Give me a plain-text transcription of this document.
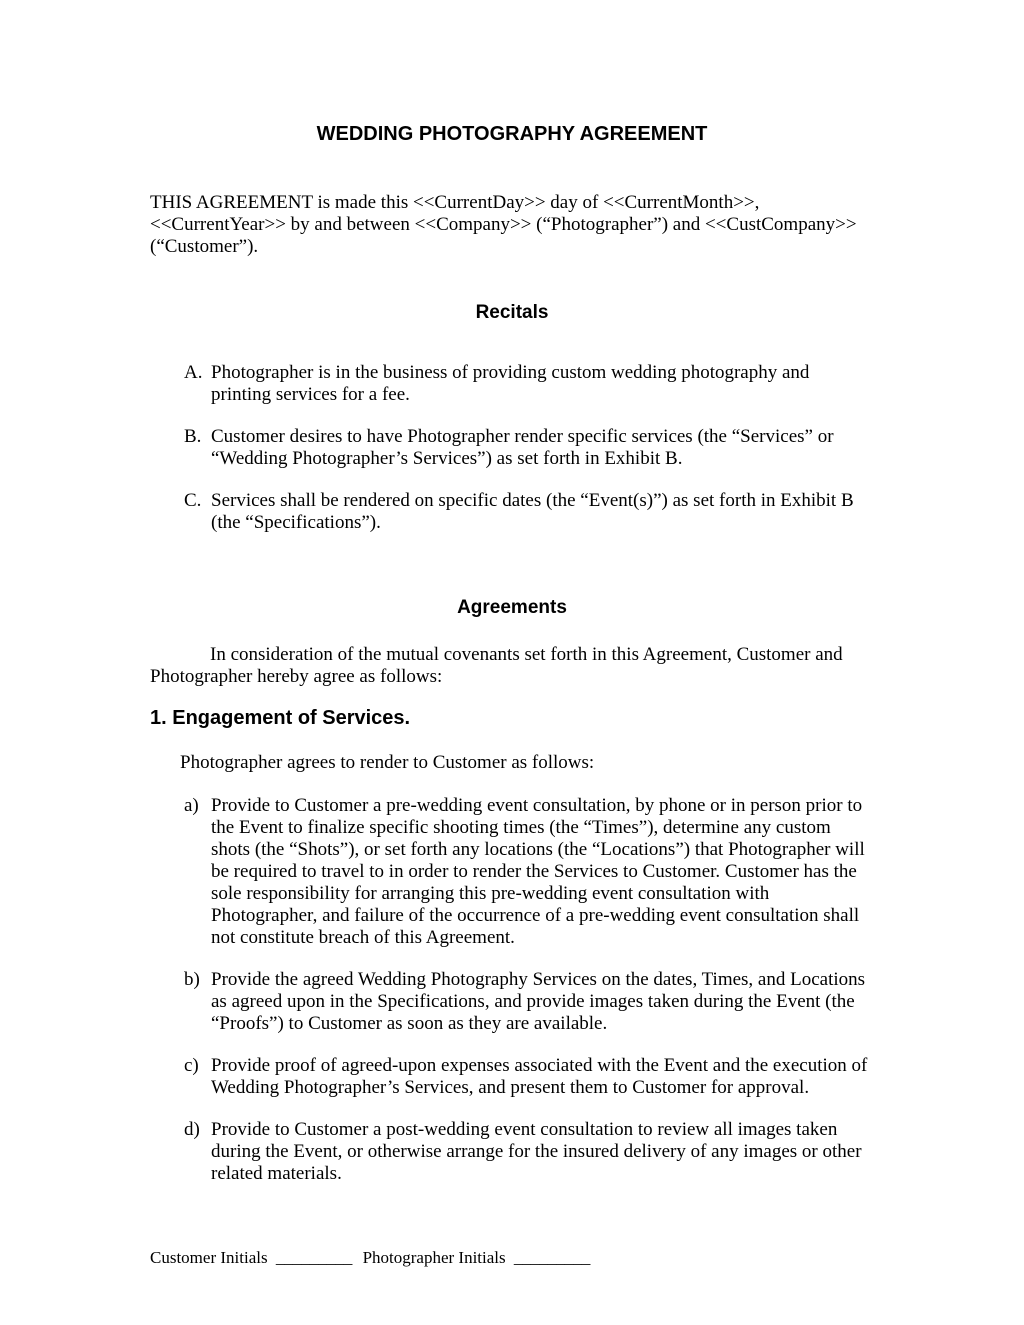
WEDDING PHOTOGRAPHY AGREEMENT

THIS AGREEMENT is made this <<CurrentDay>> day of <<CurrentMonth>>, <<CurrentYear>> by and between <<Company>> (“Photographer”) and <<CustCompany>> (“Customer”).

Recitals
A. Photographer is in the business of providing custom wedding photography and printing services for a fee.
B. Customer desires to have Photographer render specific services (the “Services” or “Wedding Photographer’s Services”) as set forth in Exhibit B.
C. Services shall be rendered on specific dates (the “Event(s)”) as set forth in Exhibit B (the “Specifications”).
Agreements

In consideration of the mutual covenants set forth in this Agreement, Customer and Photographer hereby agree as follows:

1. Engagement of Services.

Photographer agrees to render to Customer as follows:

a) Provide to Customer a pre-wedding event consultation, by phone or in person prior to the Event to finalize specific shooting times (the “Times”), determine any custom shots (the “Shots”), or set forth any locations (the “Locations”) that Photographer will be required to travel to in order to render the Services to Customer. Customer has the sole responsibility for arranging this pre-wedding event consultation with Photographer, and failure of the occurrence of a pre-wedding event consultation shall not constitute breach of this Agreement.
b) Provide the agreed Wedding Photography Services on the dates, Times, and Locations as agreed upon in the Specifications, and provide images taken during the Event (the “Proofs”) to Customer as soon as they are available.
c) Provide proof of agreed-upon expenses associated with the Event and the execution of Wedding Photographer’s Services, and present them to Customer for approval.
d) Provide to Customer a post-wedding event consultation to review all images taken during the Event, or otherwise arrange for the insured delivery of any images or other related materials.
Customer Initials _________ Photographer Initials _________
